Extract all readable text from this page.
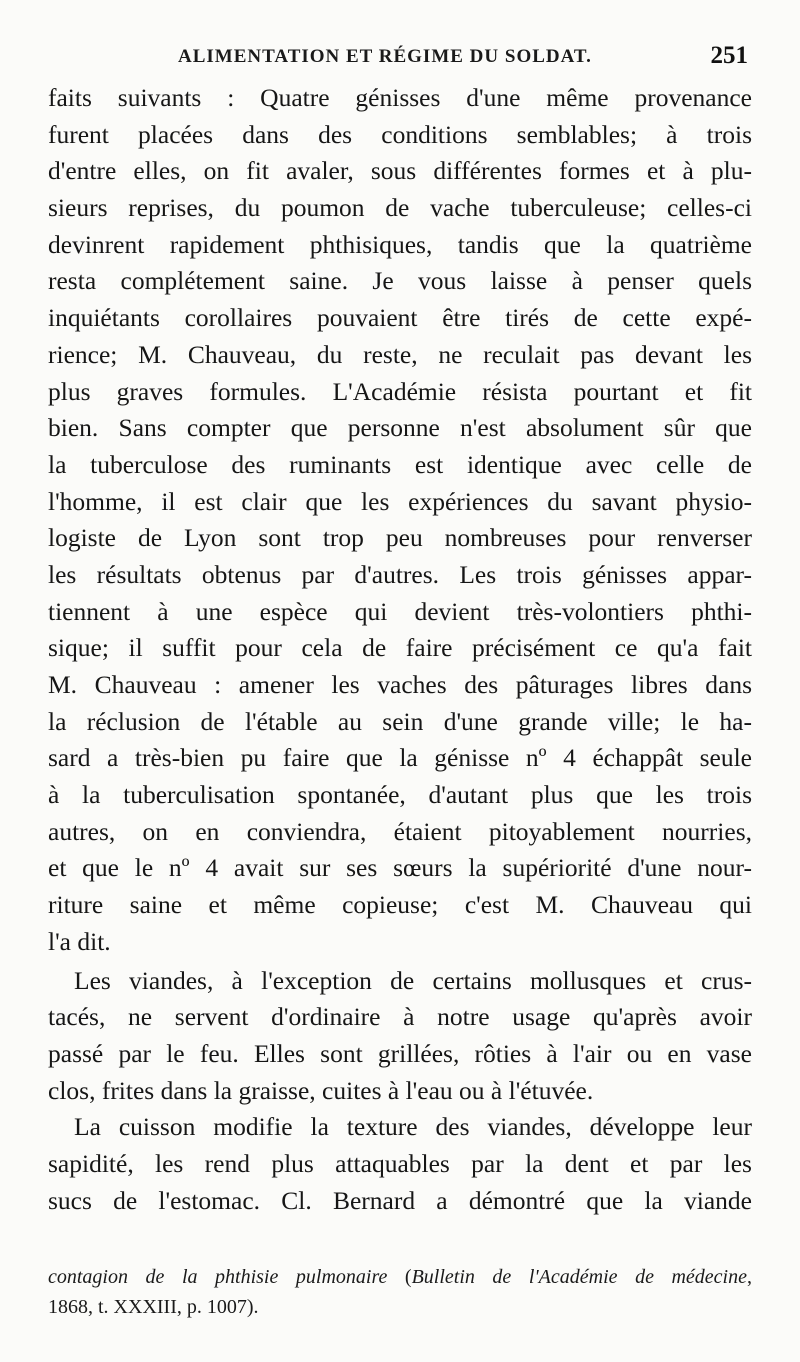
ALIMENTATION ET RÉGIME DU SOLDAT.	251
faits suivants : Quatre génisses d'une même provenance
furent placées dans des conditions semblables; à trois
d'entre elles, on fit avaler, sous différentes formes et à plu-
sieurs reprises, du poumon de vache tuberculeuse; celles-ci
devinrent rapidement phthisiques, tandis que la quatrième
resta complétement saine. Je vous laisse à penser quels
inquiétants corollaires pouvaient être tirés de cette expé-
rience; M. Chauveau, du reste, ne reculait pas devant les
plus graves formules. L'Académie résista pourtant et fit
bien. Sans compter que personne n'est absolument sûr que
la tuberculose des ruminants est identique avec celle de
l'homme, il est clair que les expériences du savant physio-
logiste de Lyon sont trop peu nombreuses pour renverser
les résultats obtenus par d'autres. Les trois génisses appar-
tiennent à une espèce qui devient très-volontiers phthi-
sique; il suffit pour cela de faire précisément ce qu'a fait
M. Chauveau : amener les vaches des pâturages libres dans
la réclusion de l'étable au sein d'une grande ville; le ha-
sard a très-bien pu faire que la génisse nº 4 échappât seule
à la tuberculisation spontanée, d'autant plus que les trois
autres, on en conviendra, étaient pitoyablement nourries,
et que le nº 4 avait sur ses sœurs la supériorité d'une nour-
riture saine et même copieuse; c'est M. Chauveau qui
l'a dit.
Les viandes, à l'exception de certains mollusques et crus-
tacés, ne servent d'ordinaire à notre usage qu'après avoir
passé par le feu. Elles sont grillées, rôties à l'air ou en vase
clos, frites dans la graisse, cuites à l'eau ou à l'étuvée.
La cuisson modifie la texture des viandes, développe leur
sapidité, les rend plus attaquables par la dent et par les
sucs de l'estomac. Cl. Bernard a démontré que la viande
contagion de la phthisie pulmonaire (Bulletin de l'Académie de médecine,
1868, t. XXXIII, p. 1007).
